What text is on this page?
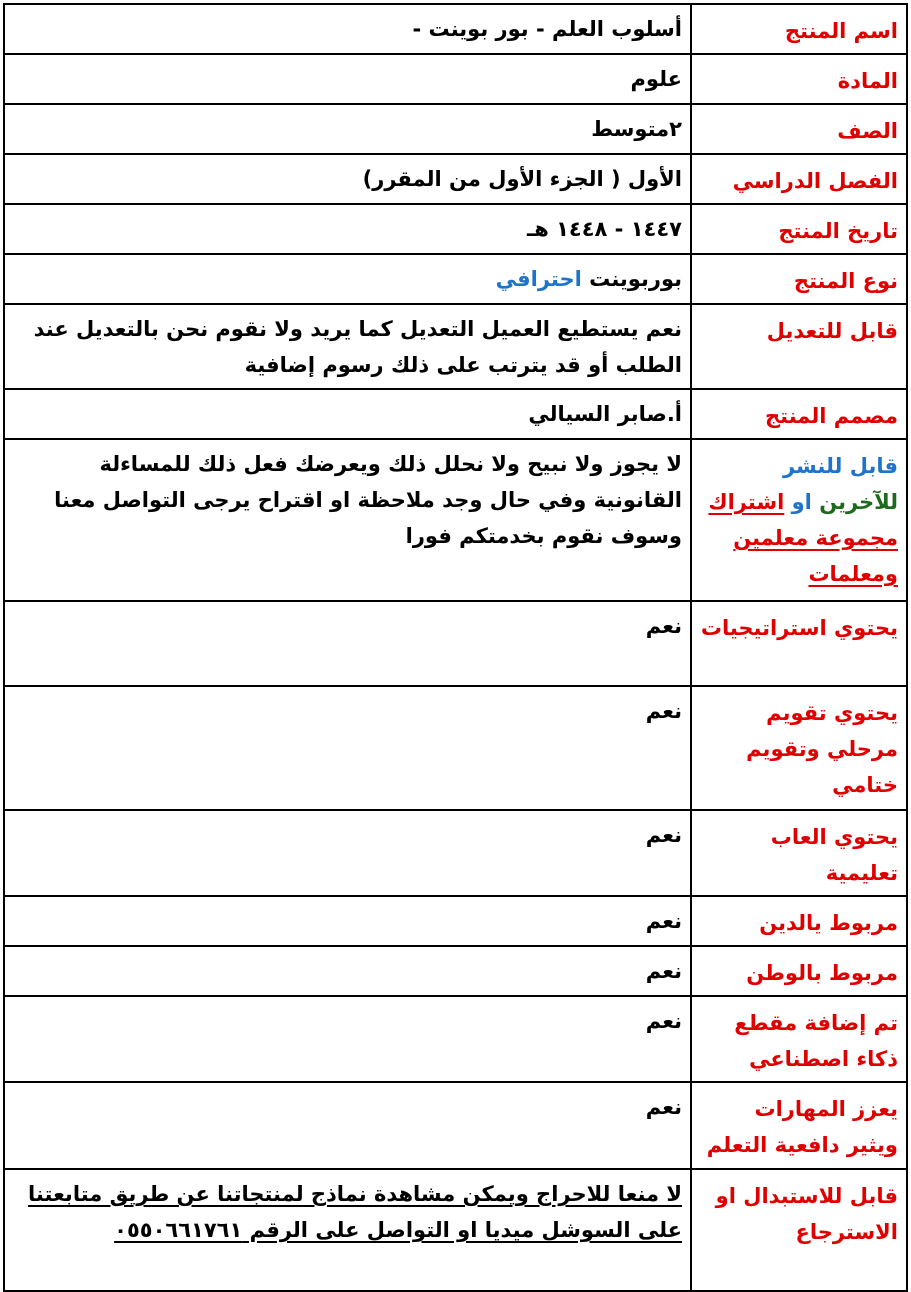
اسم المنتج	أسلوب العلم - بور بوينت -
المادة	علوم
الصف	٢متوسط
الفصل الدراسي	الأول ( الجزء الأول من المقرر)
تاريخ المنتج	١٤٤٧ - ١٤٤٨ هـ
نوع المنتج	بوربوينت احترافي
قابل للتعديل	نعم يستطيع العميل التعديل كما يريد ولا نقوم نحن بالتعديل عند الطلب أو قد يترتب على ذلك رسوم إضافية
مصمم المنتج	أ.صابر السيالي
قابل للنشر للآخرين او اشتراك مجموعة معلمين ومعلمات	لا يجوز ولا نبيح ولا نحلل ذلك ويعرضك فعل ذلك للمساءلة القانونية وفي حال وجد ملاحظة او اقتراح يرجى التواصل معنا وسوف نقوم بخدمتكم فورا
يحتوي استراتيجيات	نعم
يحتوي تقويم مرحلي وتقويم ختامي	نعم
يحتوي العاب تعليمية	نعم
مربوط يالدين	نعم
مربوط بالوطن	نعم
تم إضافة مقطع ذكاء اصطناعي	نعم
يعزز المهارات ويثير دافعية التعلم	نعم
قابل للاستبدال او الاسترجاع	لا منعا للاحراج ويمكن مشاهدة نماذج لمنتجاتنا عن طريق متابعتنا على السوشل ميديا او التواصل على الرقم ٠٥٥٠٦٦١٧٦١
